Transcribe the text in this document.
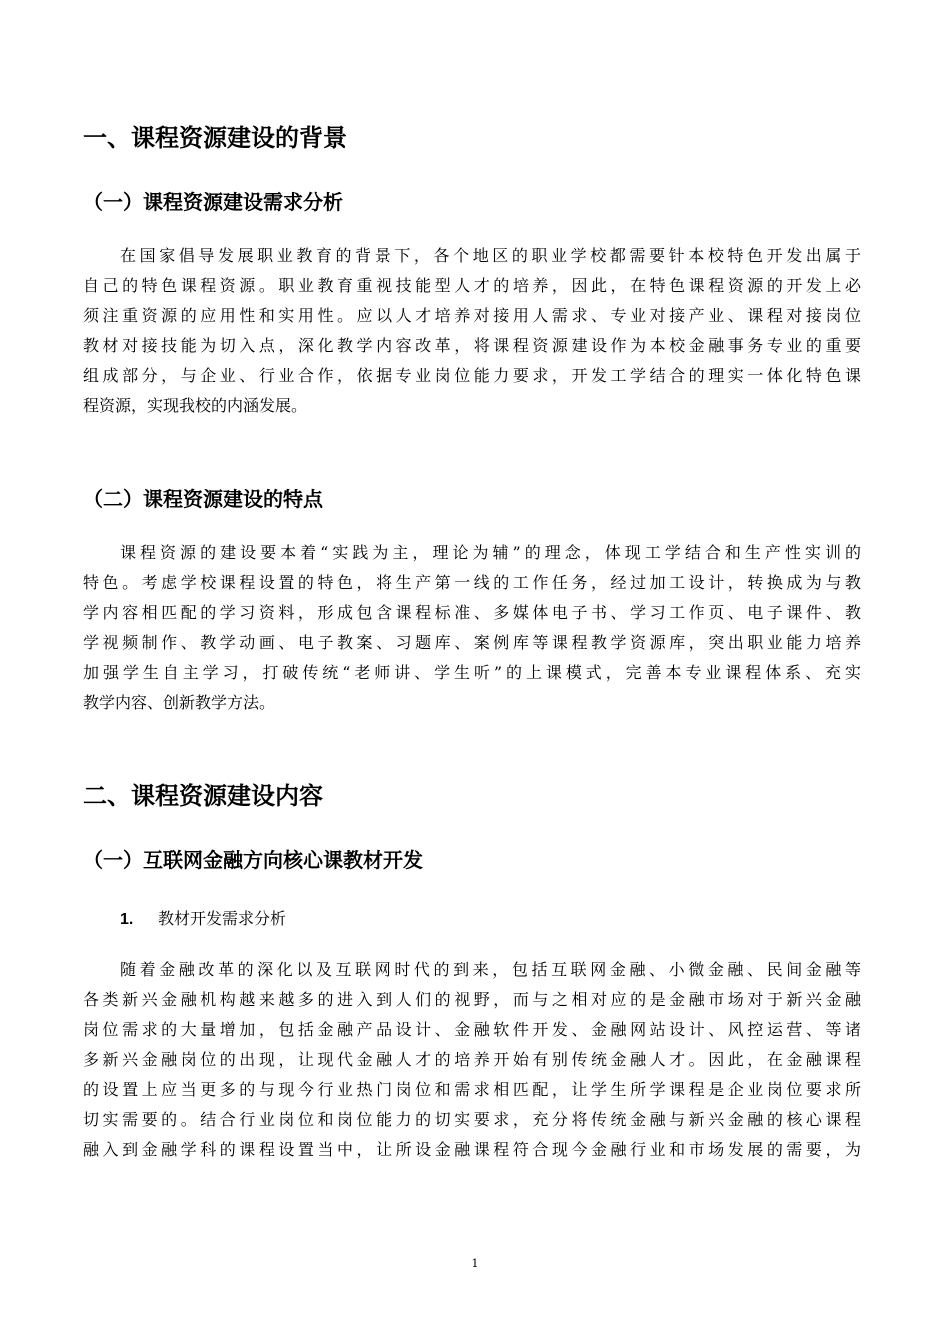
一、课程资源建设的背景
（一）课程资源建设需求分析
在国家倡导发展职业教育的背景下，各个地区的职业学校都需要针本校特色开发出属于
自己的特色课程资源。职业教育重视技能型人才的培养，因此，在特色课程资源的开发上必
须注重资源的应用性和实用性。应以人才培养对接用人需求、专业对接产业、课程对接岗位
教材对接技能为切入点，深化教学内容改革，将课程资源建设作为本校金融事务专业的重要
组成部分，与企业、行业合作，依据专业岗位能力要求，开发工学结合的理实一体化特色课
程资源，实现我校的内涵发展。
（二）课程资源建设的特点
课程资源的建设要本着“实践为主，理论为辅”的理念，体现工学结合和生产性实训的
特色。考虑学校课程设置的特色，将生产第一线的工作任务，经过加工设计，转换成为与教
学内容相匹配的学习资料，形成包含课程标准、多媒体电子书、学习工作页、电子课件、教
学视频制作、教学动画、电子教案、习题库、案例库等课程教学资源库，突出职业能力培养
加强学生自主学习，打破传统“老师讲、学生听”的上课模式，完善本专业课程体系、充实
教学内容、创新教学方法。
二、课程资源建设内容
（一）互联网金融方向核心课教材开发
1. 教材开发需求分析
随着金融改革的深化以及互联网时代的到来，包括互联网金融、小微金融、民间金融等
各类新兴金融机构越来越多的进入到人们的视野，而与之相对应的是金融市场对于新兴金融
岗位需求的大量增加，包括金融产品设计、金融软件开发、金融网站设计、风控运营、等诸
多新兴金融岗位的出现，让现代金融人才的培养开始有别传统金融人才。因此，在金融课程
的设置上应当更多的与现今行业热门岗位和需求相匹配，让学生所学课程是企业岗位要求所
切实需要的。结合行业岗位和岗位能力的切实要求，充分将传统金融与新兴金融的核心课程
融入到金融学科的课程设置当中，让所设金融课程符合现今金融行业和市场发展的需要，为
1
